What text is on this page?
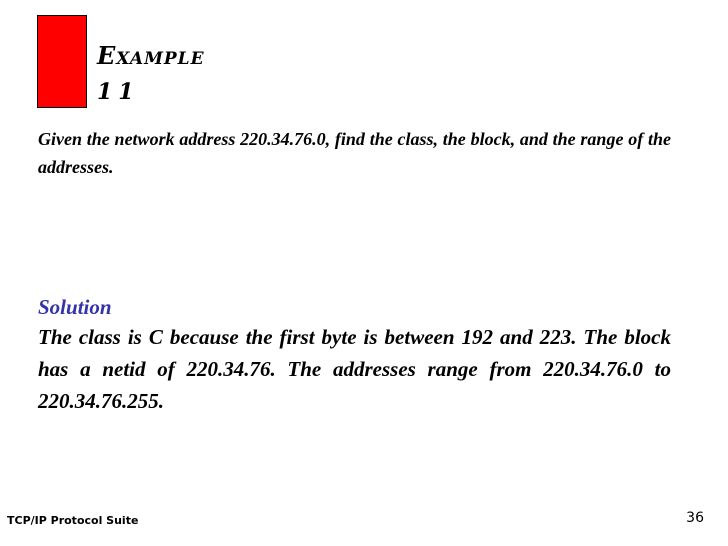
Example
11
Given the network address 220.34.76.0, find the class, the block, and the range of the addresses.
Solution
The class is C because the first byte is between 192 and 223. The block has a netid of 220.34.76. The addresses range from 220.34.76.0 to 220.34.76.255.
TCP/IP Protocol Suite	36
